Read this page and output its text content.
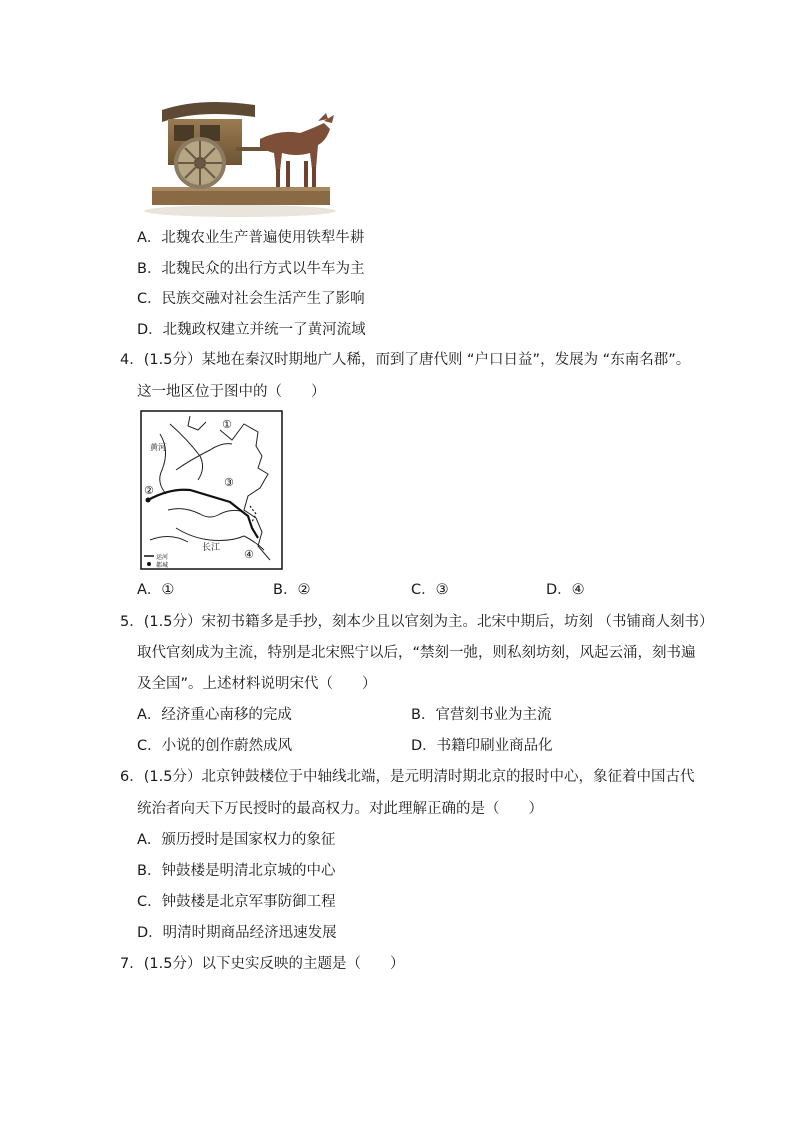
A．北魏农业生产普遍使用铁犁牛耕
B．北魏民众的出行方式以牛车为主
C．民族交融对社会生活产生了影响
D．北魏政权建立并统一了黄河流域
4．(1.5分）某地在秦汉时期地广人稀，而到了唐代则 “户口日益”，发展为 “东南名郡”。
这一地区位于图中的（　　）
①
②
③
④
黄河
长江
运河
都城
A．①	B．②	C．③	D．④
5．(1.5分）宋初书籍多是手抄，刻本少且以官刻为主。北宋中期后，坊刻 （书铺商人刻书）
取代官刻成为主流，特别是北宋熙宁以后，“禁刻一弛，则私刻坊刻，风起云涌，刻书遍
及全国”。上述材料说明宋代（　　）
A．经济重心南移的完成	B．官营刻书业为主流
C．小说的创作蔚然成风	D．书籍印刷业商品化
6．(1.5分）北京钟鼓楼位于中轴线北端，是元明清时期北京的报时中心，象征着中国古代
统治者向天下万民授时的最高权力。对此理解正确的是（　　）
A．颁历授时是国家权力的象征
B．钟鼓楼是明清北京城的中心
C．钟鼓楼是北京军事防御工程
D．明清时期商品经济迅速发展
7．(1.5分）以下史实反映的主题是（　　）
